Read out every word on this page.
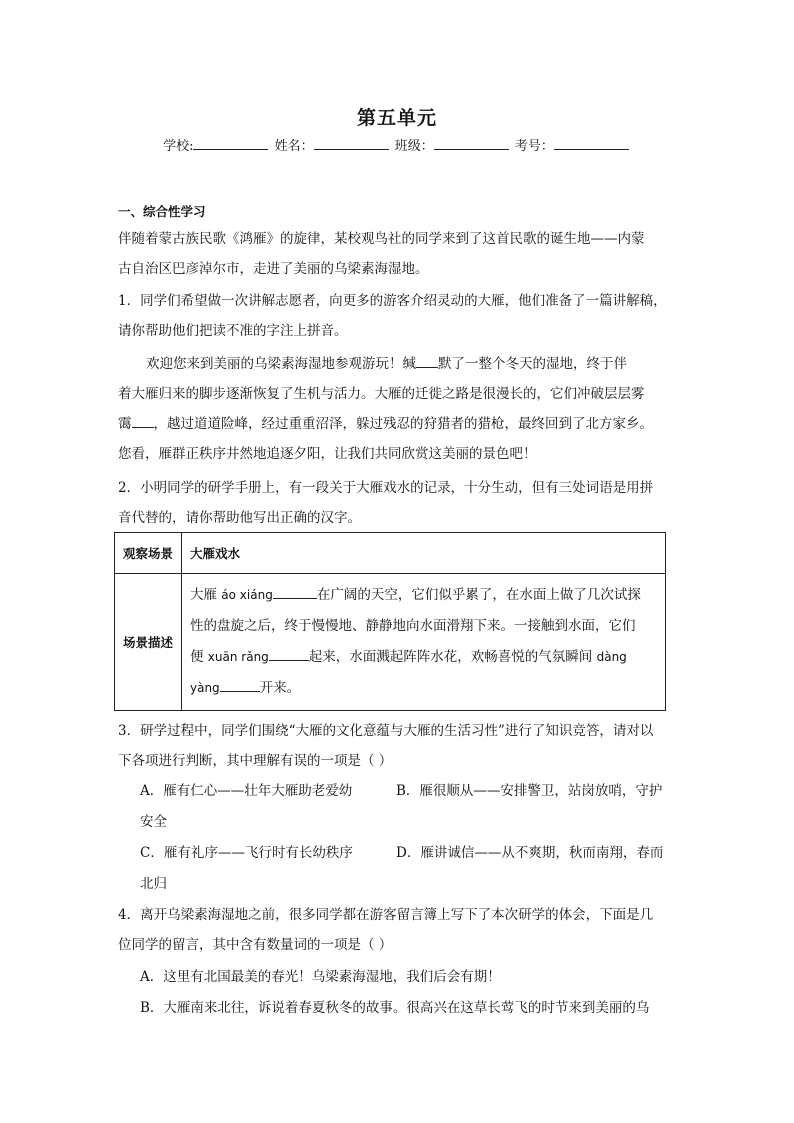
第五单元
学校:	姓名：	班级：	考号：
一、综合性学习
伴随着蒙古族民歌《鸿雁》的旋律，某校观鸟社的同学来到了这首民歌的诞生地——内蒙
古自治区巴彦淖尔市，走进了美丽的乌梁素海湿地。
1．同学们希望做一次讲解志愿者，向更多的游客介绍灵动的大雁，他们准备了一篇讲解稿，
请你帮助他们把读不准的字注上拼音。
欢迎您来到美丽的乌梁素海湿地参观游玩！缄 默了一整个冬天的湿地，终于伴
着大雁归来的脚步逐渐恢复了生机与活力。大雁的迁徙之路是很漫长的，它们冲破层层雾
霭 ，越过道道险峰，经过重重沼泽，躲过残忍的狩猎者的猎枪，最终回到了北方家乡。
您看，雁群正秩序井然地追逐夕阳，让我们共同欣赏这美丽的景色吧！
2．小明同学的研学手册上，有一段关于大雁戏水的记录，十分生动，但有三处词语是用拼
音代替的，请你帮助他写出正确的汉字。
观察场景	大雁戏水
场景描述	大雁 áo xiáng 在广阔的天空，它们似乎累了，在水面上做了几次试探
性的盘旋之后，终于慢慢地、静静地向水面滑翔下来。一接触到水面，它们
便 xuān rǎng 起来，水面溅起阵阵水花，欢畅喜悦的气氛瞬间 dàng
yàng 开来。
3．研学过程中，同学们围绕“大雁的文化意蕴与大雁的生活习性”进行了知识竞答，请对以
下各项进行判断，其中理解有误的一项是（ ）
A．雁有仁心——壮年大雁助老爱幼	B．雁很顺从——安排警卫，站岗放哨，守护
安全
C．雁有礼序——飞行时有长幼秩序	D．雁讲诚信——从不爽期，秋而南翔，春而
北归
4．离开乌梁素海湿地之前，很多同学都在游客留言簿上写下了本次研学的体会，下面是几
位同学的留言，其中含有数量词的一项是（ ）
A．这里有北国最美的春光！乌梁素海湿地，我们后会有期！
B．大雁南来北往，诉说着春夏秋冬的故事。很高兴在这草长莺飞的时节来到美丽的乌
